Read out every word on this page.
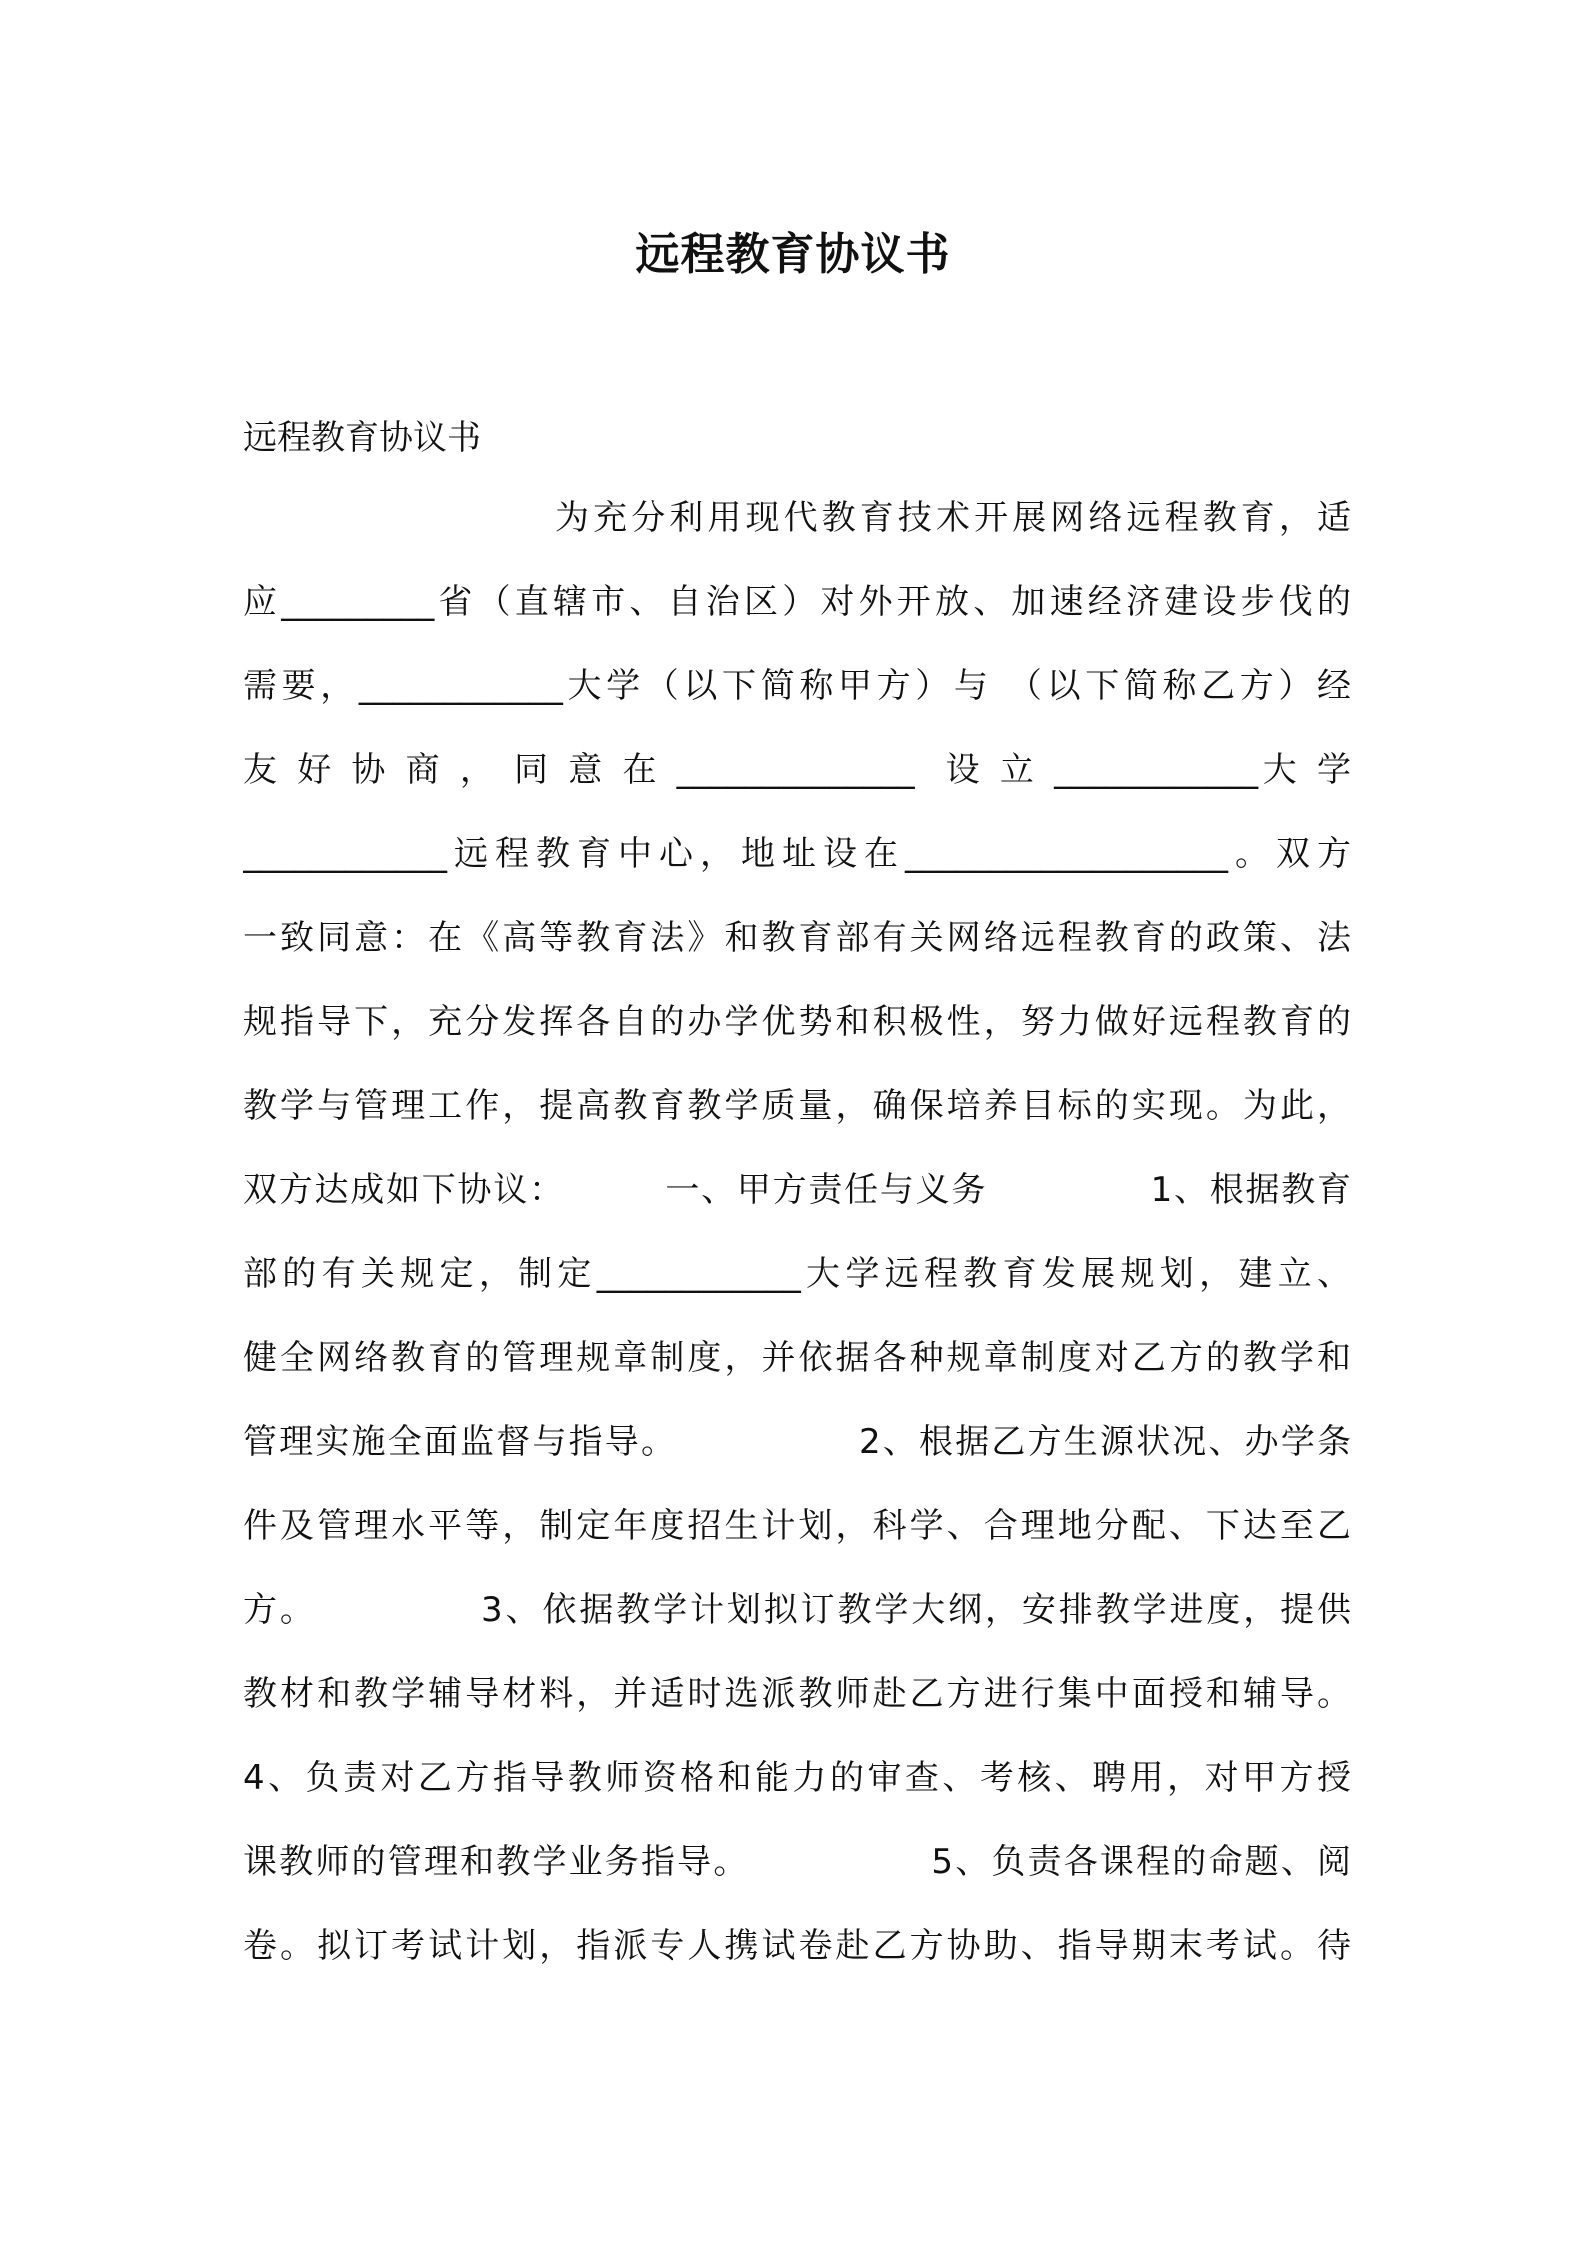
远程教育协议书
远程教育协议书
为充分利用现代教育技术开展网络远程教育，适
应_________省（直辖市、自治区）对外开放、加速经济建设步伐的
需要，____________大学（以下简称甲方）与 （以下简称乙方）经
友 好 协 商 ， 同 意 在 ______________  设 立 ____________大 学
____________远程教育中心，地址设在___________________。双方
一致同意：在《高等教育法》和教育部有关网络远程教育的政策、法
规指导下，充分发挥各自的办学优势和积极性，努力做好远程教育的
教学与管理工作，提高教育教学质量，确保培养目标的实现。为此，
双方达成如下协议：        一、甲方责任与义务             1、根据教育
部的有关规定，制定____________大学远程教育发展规划，建立、
健全网络教育的管理规章制度，并依据各种规章制度对乙方的教学和
管理实施全面监督与指导。              2、根据乙方生源状况、办学条
件及管理水平等，制定年度招生计划，科学、合理地分配、下达至乙
方。            3、依据教学计划拟订教学大纲，安排教学进度，提供
教材和教学辅导材料，并适时选派教师赴乙方进行集中面授和辅导。
4、负责对乙方指导教师资格和能力的审查、考核、聘用，对甲方授
课教师的管理和教学业务指导。              5、负责各课程的命题、阅
卷。拟订考试计划，指派专人携试卷赴乙方协助、指导期末考试。待
